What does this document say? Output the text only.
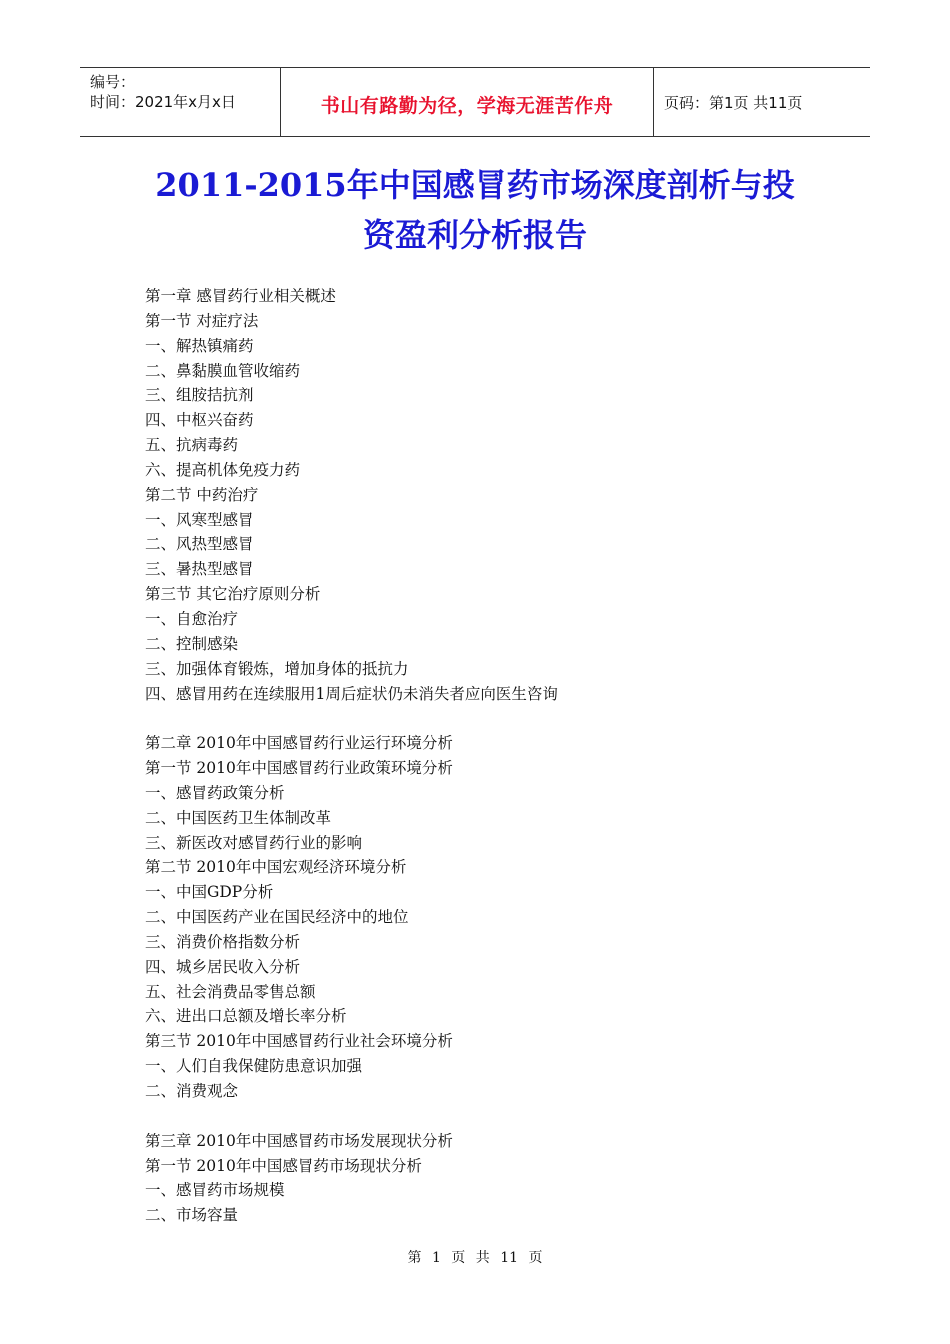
编号：
时间：2021年x月x日	书山有路勤为径，学海无涯苦作舟	页码：第1页 共11页
2011-2015年中国感冒药市场深度剖析与投
资盈利分析报告
第一章 感冒药行业相关概述
第一节 对症疗法
一、解热镇痛药
二、鼻黏膜血管收缩药
三、组胺拮抗剂
四、中枢兴奋药
五、抗病毒药
六、提高机体免疫力药
第二节 中药治疗
一、风寒型感冒
二、风热型感冒
三、暑热型感冒
第三节 其它治疗原则分析
一、自愈治疗
二、控制感染
三、加强体育锻炼，增加身体的抵抗力
四、感冒用药在连续服用1周后症状仍未消失者应向医生咨询
第二章 2010年中国感冒药行业运行环境分析
第一节 2010年中国感冒药行业政策环境分析
一、感冒药政策分析
二、中国医药卫生体制改革
三、新医改对感冒药行业的影响
第二节 2010年中国宏观经济环境分析
一、中国GDP分析
二、中国医药产业在国民经济中的地位
三、消费价格指数分析
四、城乡居民收入分析
五、社会消费品零售总额
六、进出口总额及增长率分析
第三节 2010年中国感冒药行业社会环境分析
一、人们自我保健防患意识加强
二、消费观念
第三章 2010年中国感冒药市场发展现状分析
第一节 2010年中国感冒药市场现状分析
一、感冒药市场规模
二、市场容量
第 1 页 共 11 页
